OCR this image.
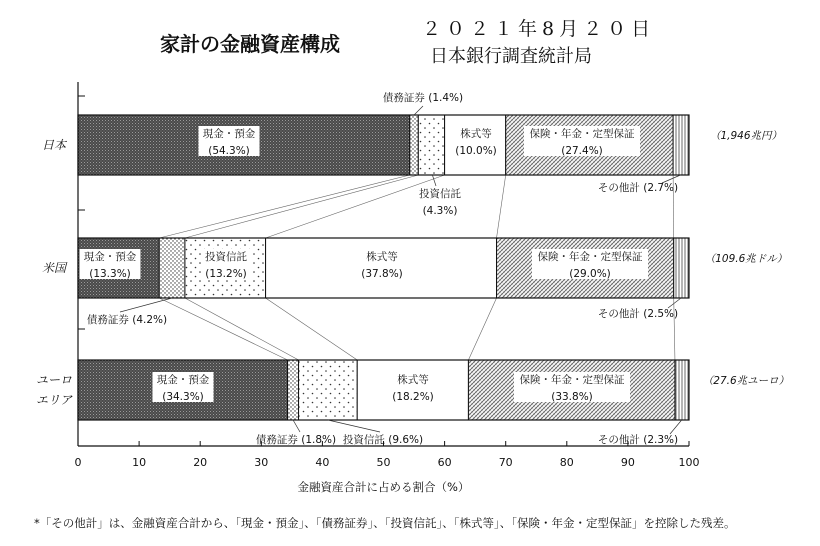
家計の金融資産構成
２０２１年8月２０日
日本銀行調査統計局
現金・預金
(54.3%)
株式等
(10.0%)
保険・年金・定型保証
(27.4%)
現金・預金
(13.3%)
投資信託
(13.2%)
株式等
(37.8%)
保険・年金・定型保証
(29.0%)
現金・預金
(34.3%)
株式等
(18.2%)
保険・年金・定型保証
(33.8%)
債務証券 (1.4%)
投資信託
(4.3%)
その他計 (2.7%)
債務証券 (4.2%)	その他計 (2.5%)
債務証券 (1.8%) 投資信託 (9.6%)	その他計 (2.3%)
日本
（1,946兆円）
米国
（109.6兆ドル）
ユーロ
エリア
（27.6兆ユーロ）
0	10	20	30	40	50	60	70	80	90	100
金融資産合計に占める割合（%）
*「その他計」は、金融資産合計から、「現金・預金」、「債務証券」、「投資信託」、「株式等」、「保険・年金・定型保証」を控除した残差。
